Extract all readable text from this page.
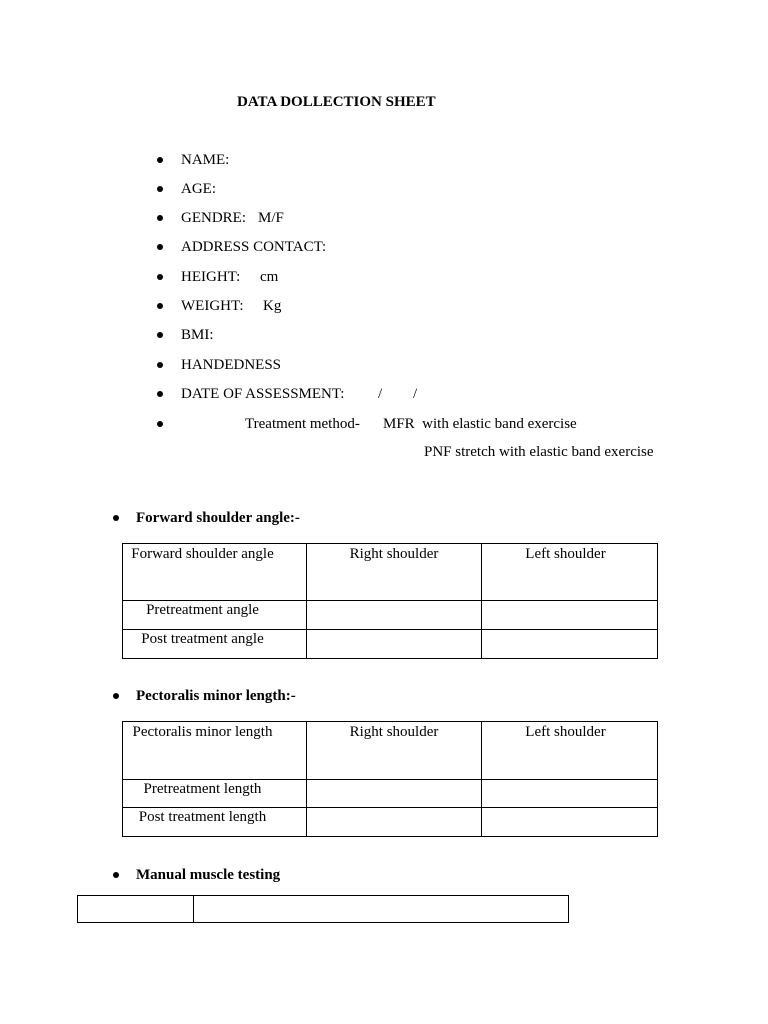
DATA DOLLECTION SHEET
NAME:
AGE:
GENDRE: M/F
ADDRESS CONTACT:
HEIGHT: cm
WEIGHT: Kg
BMI:
HANDEDNESS
DATE OF ASSESSMENT: / /
Treatment method- MFR  with elastic band exercise
PNF stretch with elastic band exercise
Forward shoulder angle:-
Forward shoulder angle	Right shoulder	Left shoulder
Pretreatment angle		
Post treatment angle		
Pectoralis minor length:-
Pectoralis minor length	Right shoulder	Left shoulder
Pretreatment length		
Post treatment length		
Manual muscle testing
